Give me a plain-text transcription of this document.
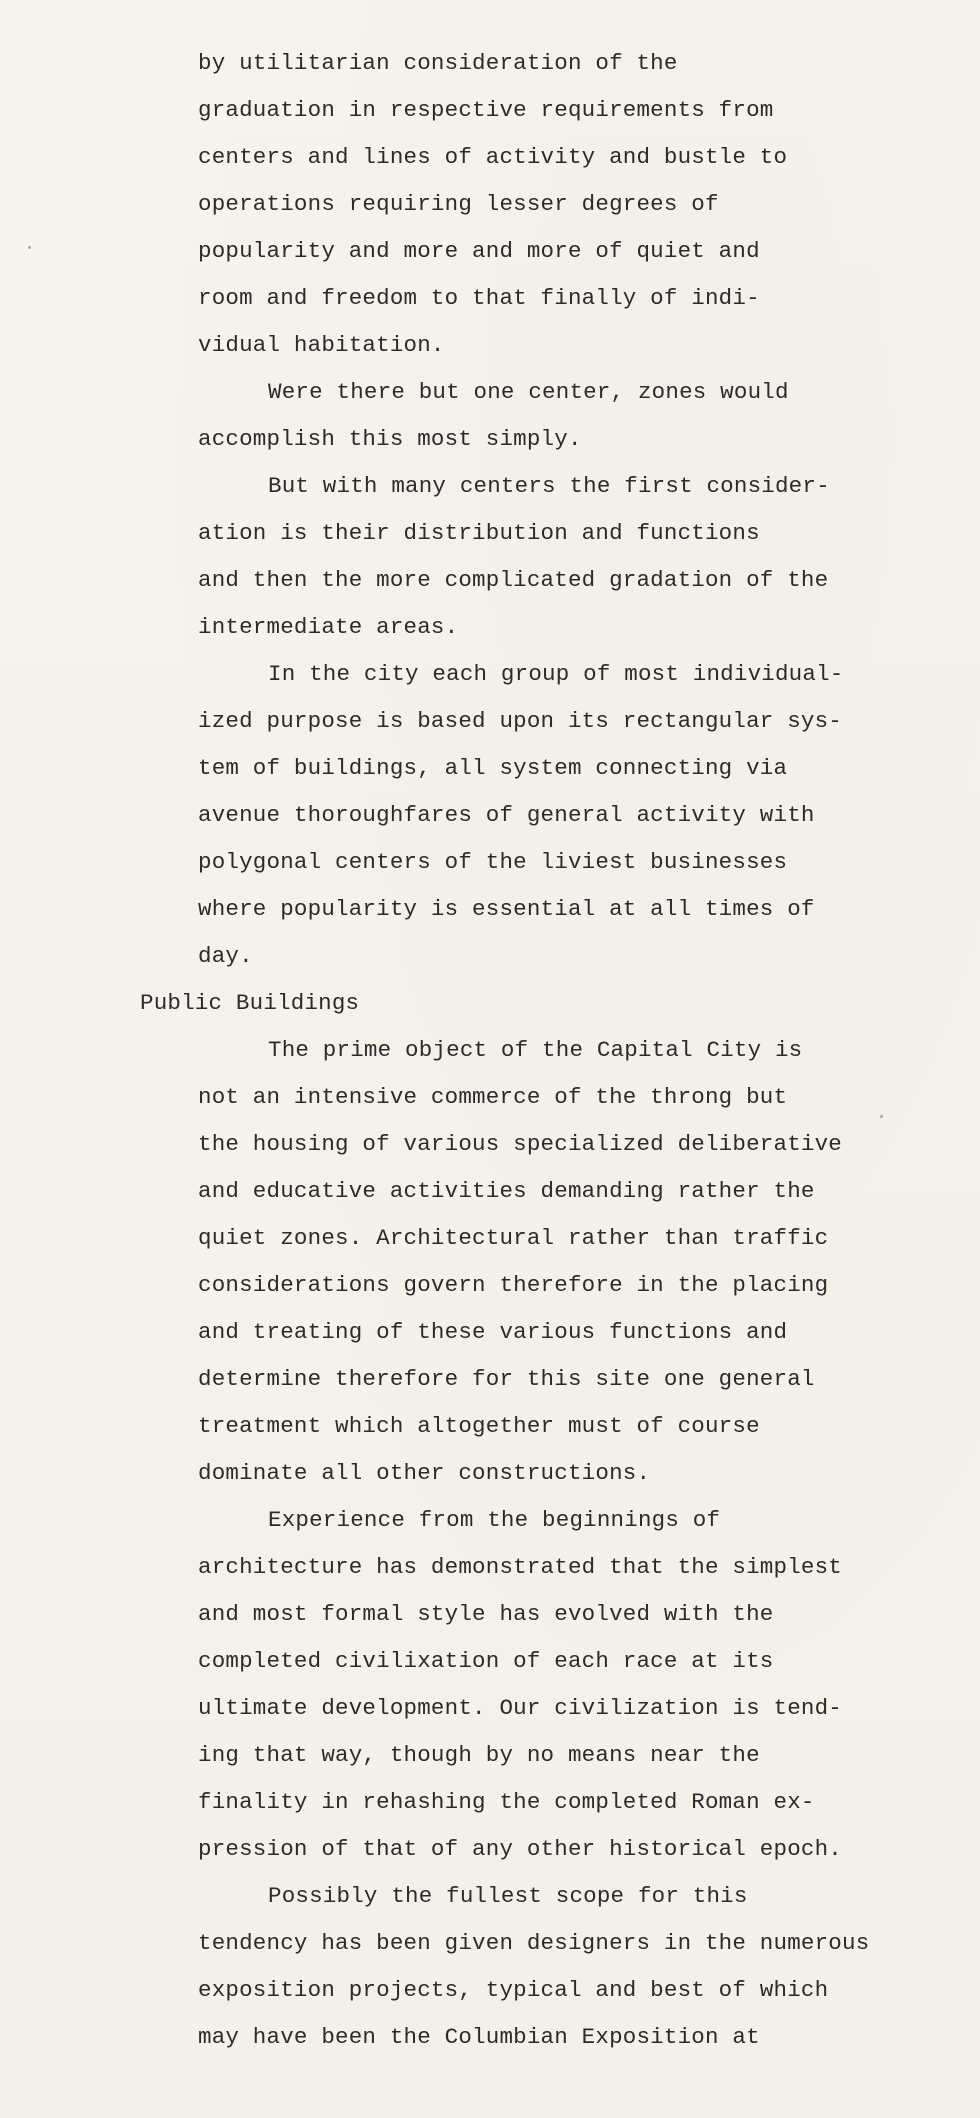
by utilitarian consideration of the
graduation in respective requirements from
centers and lines of activity and bustle to
operations requiring lesser degrees of
popularity and more and more of quiet and
room and freedom to that finally of indi-
vidual habitation.
Were there but one center, zones would
accomplish this most simply.
But with many centers the first consider-
ation is their distribution and functions
and then the more complicated gradation of the
intermediate areas.
In the city each group of most individual-
ized purpose is based upon its rectangular sys-
tem of buildings, all system connecting via
avenue thoroughfares of general activity with
polygonal centers of the liviest businesses
where popularity is essential at all times of
day.
Public Buildings
The prime object of the Capital City is
not an intensive commerce of the throng but
the housing of various specialized deliberative
and educative activities demanding rather the
quiet zones. Architectural rather than traffic
considerations govern therefore in the placing
and treating of these various functions and
determine therefore for this site one general
treatment which altogether must of course
dominate all other constructions.
Experience from the beginnings of
architecture has demonstrated that the simplest
and most formal style has evolved with the
completed civilixation of each race at its
ultimate development. Our civilization is tend-
ing that way, though by no means near the
finality in rehashing the completed Roman ex-
pression of that of any other historical epoch.
Possibly the fullest scope for this
tendency has been given designers in the numerous
exposition projects, typical and best of which
may have been the Columbian Exposition at
